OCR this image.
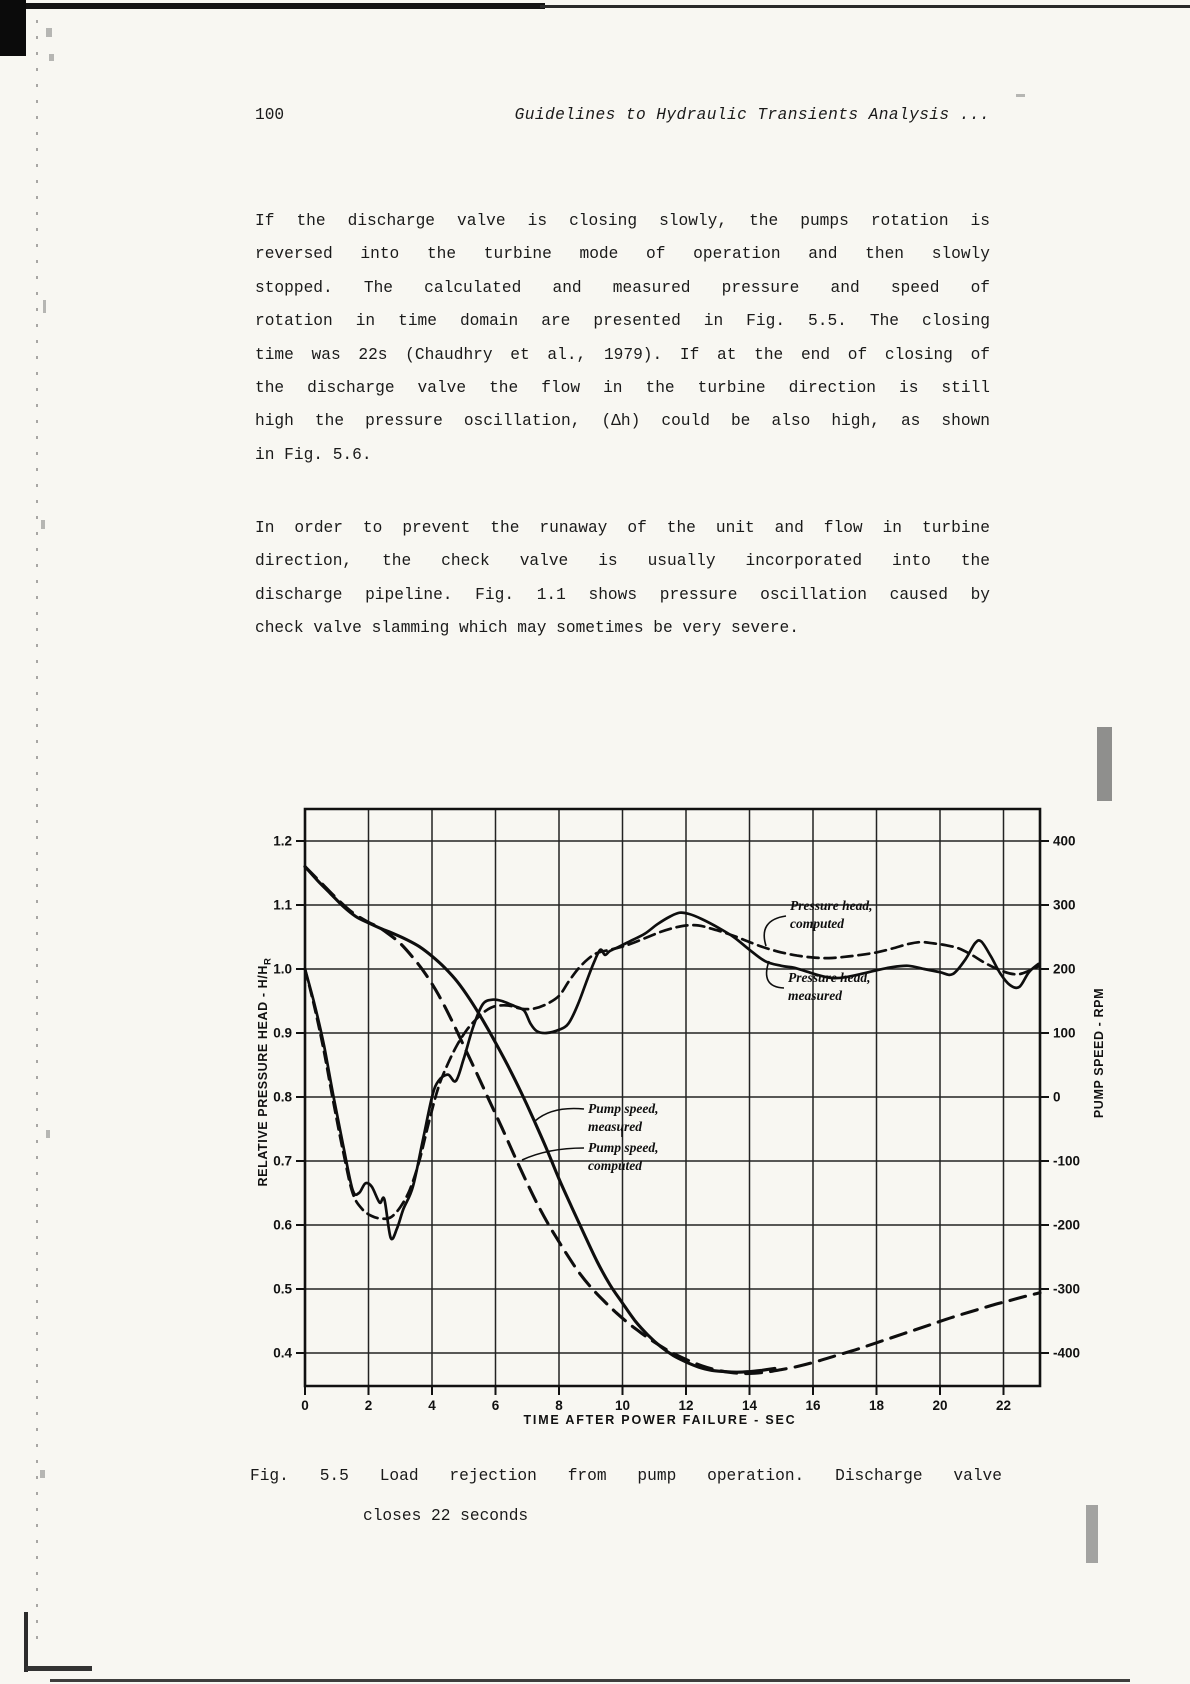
100	Guidelines to Hydraulic Transients Analysis ...
If the discharge valve is closing slowly, the pumps rotation is
reversed into the turbine mode of operation and then slowly
stopped. The calculated and measured pressure and speed of
rotation in time domain are presented in Fig. 5.5. The closing
time was 22s (Chaudhry et al., 1979). If at the end of closing of
the discharge valve the flow in the turbine direction is still
high the pressure oscillation, (Δh) could be also high, as shown
in Fig. 5.6.
In order to prevent the runaway of the unit and flow in turbine
direction, the check valve is usually incorporated into the
discharge pipeline. Fig. 1.1 shows pressure oscillation caused by
check valve slamming which may sometimes be very severe.
0	2	4	6	8	10	12	14	16	18	20	22
1.2
1.1
1.0
0.9
0.8
0.7
0.6
0.5
0.4
400
300
200
100
0
-100
-200
-300
-400
RELATIVE PRESSURE HEAD - $H/H_R$
PUMP SPEED - RPM
TIME AFTER POWER FAILURE - SEC
Pressure head, computed
Pressure head, measured
Pump speed, measured
Pump speed, computed
Fig. 5.5 Load rejection from pump operation. Discharge valve
closes 22 seconds
